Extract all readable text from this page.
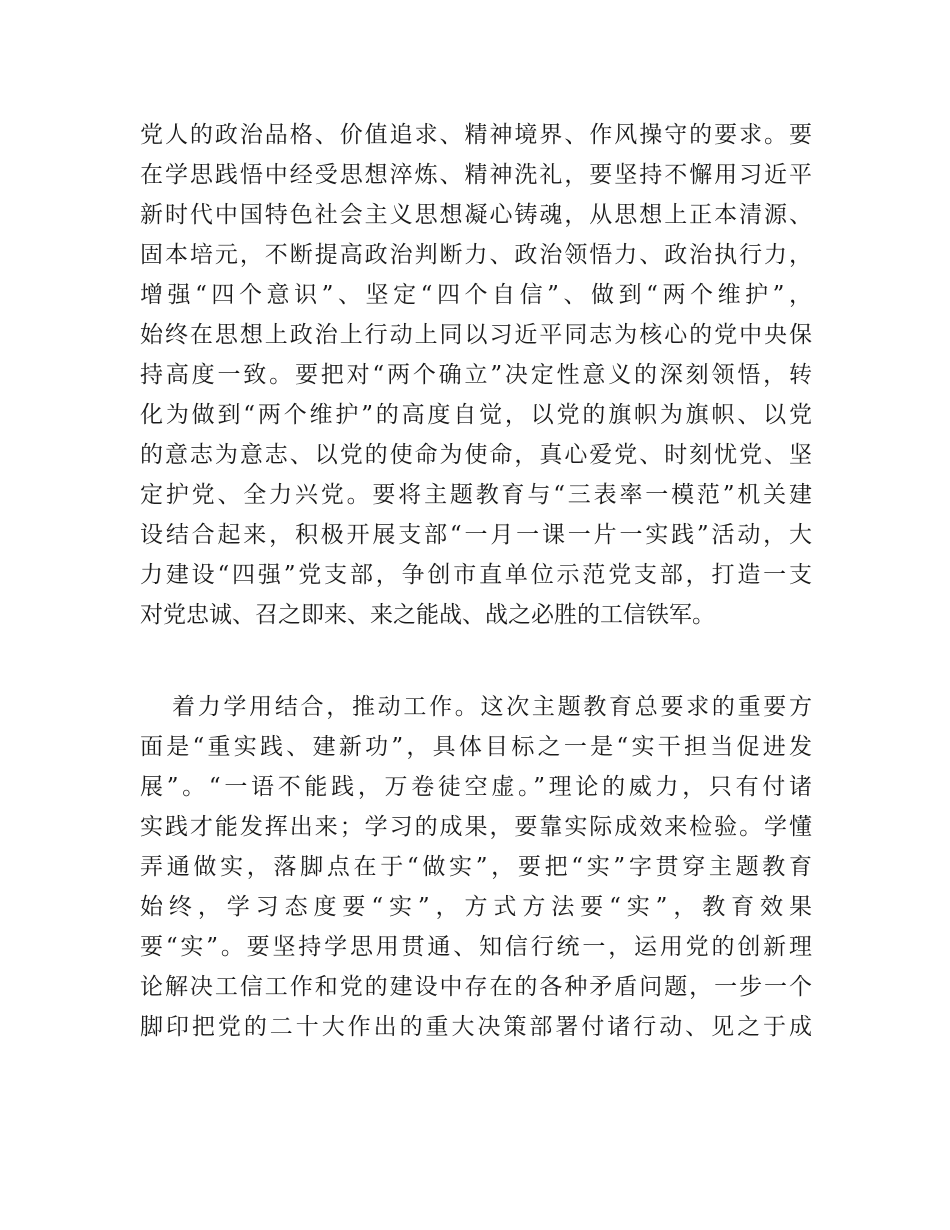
党人的政治品格、价值追求、精神境界、作风操守的要求。要
在学思践悟中经受思想淬炼、精神洗礼，要坚持不懈用习近平
新时代中国特色社会主义思想凝心铸魂，从思想上正本清源、
固本培元，不断提高政治判断力、政治领悟力、政治执行力，
增强“四个意识”、坚定“四个自信”、做到“两个维护”，
始终在思想上政治上行动上同以习近平同志为核心的党中央保
持高度一致。要把对“两个确立”决定性意义的深刻领悟，转
化为做到“两个维护”的高度自觉，以党的旗帜为旗帜、以党
的意志为意志、以党的使命为使命，真心爱党、时刻忧党、坚
定护党、全力兴党。要将主题教育与“三表率一模范”机关建
设结合起来，积极开展支部“一月一课一片一实践”活动，大
力建设“四强”党支部，争创市直单位示范党支部，打造一支
对党忠诚、召之即来、来之能战、战之必胜的工信铁军。
着力学用结合，推动工作。这次主题教育总要求的重要方
面是“重实践、建新功”，具体目标之一是“实干担当促进发
展”。“一语不能践，万卷徒空虚。”理论的威力，只有付诸
实践才能发挥出来；学习的成果，要靠实际成效来检验。学懂
弄通做实，落脚点在于“做实”，要把“实”字贯穿主题教育
始终，学习态度要“实”，方式方法要“实”，教育效果
要“实”。要坚持学思用贯通、知信行统一，运用党的创新理
论解决工信工作和党的建设中存在的各种矛盾问题，一步一个
脚印把党的二十大作出的重大决策部署付诸行动、见之于成
